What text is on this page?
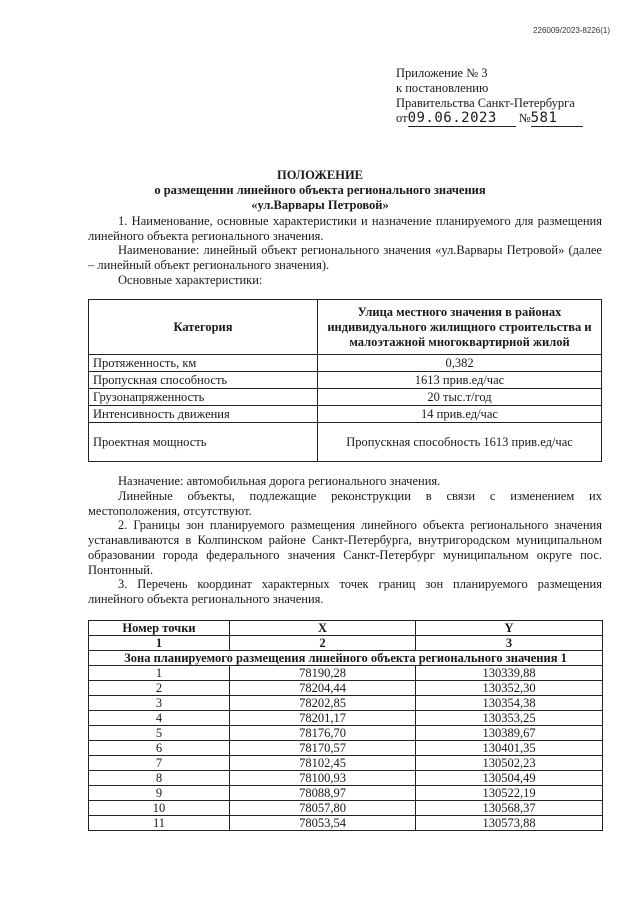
226009/2023-8226(1)
Приложение № 3
к постановлению
Правительства Санкт-Петербурга
от09.06.2023 №581
ПОЛОЖЕНИЕ
о размещении линейного объекта регионального значения
«ул.Варвары Петровой»
1. Наименование, основные характеристики и назначение планируемого для размещения линейного объекта регионального значения.
Наименование: линейный объект регионального значения «ул.Варвары Петровой» (далее – линейный объект регионального значения).
Основные характеристики:
Категория	Улица местного значения в районах индивидуального жилищного строительства и малоэтажной многоквартирной жилой
Протяженность, км	0,382
Пропускная способность	1613 прив.ед/час
Грузонапряженность	20 тыс.т/год
Интенсивность движения	14 прив.ед/час
Проектная мощность	Пропускная способность 1613 прив.ед/час
Назначение: автомобильная дорога регионального значения.
Линейные объекты, подлежащие реконструкции в связи с изменением их местоположения, отсутствуют.
2. Границы зон планируемого размещения линейного объекта регионального значения устанавливаются в Колпинском районе Санкт-Петербурга, внутригородском муниципальном образовании города федерального значения Санкт-Петербург муниципальном округе пос. Понтонный.
3. Перечень координат характерных точек границ зон планируемого размещения линейного объекта регионального значения.
Номер точки	X	Y
1	2	3
Зона планируемого размещения линейного объекта регионального значения 1		
1	78190,28	130339,88
2	78204,44	130352,30
3	78202,85	130354,38
4	78201,17	130353,25
5	78176,70	130389,67
6	78170,57	130401,35
7	78102,45	130502,23
8	78100,93	130504,49
9	78088,97	130522,19
10	78057,80	130568,37
11	78053,54	130573,88
